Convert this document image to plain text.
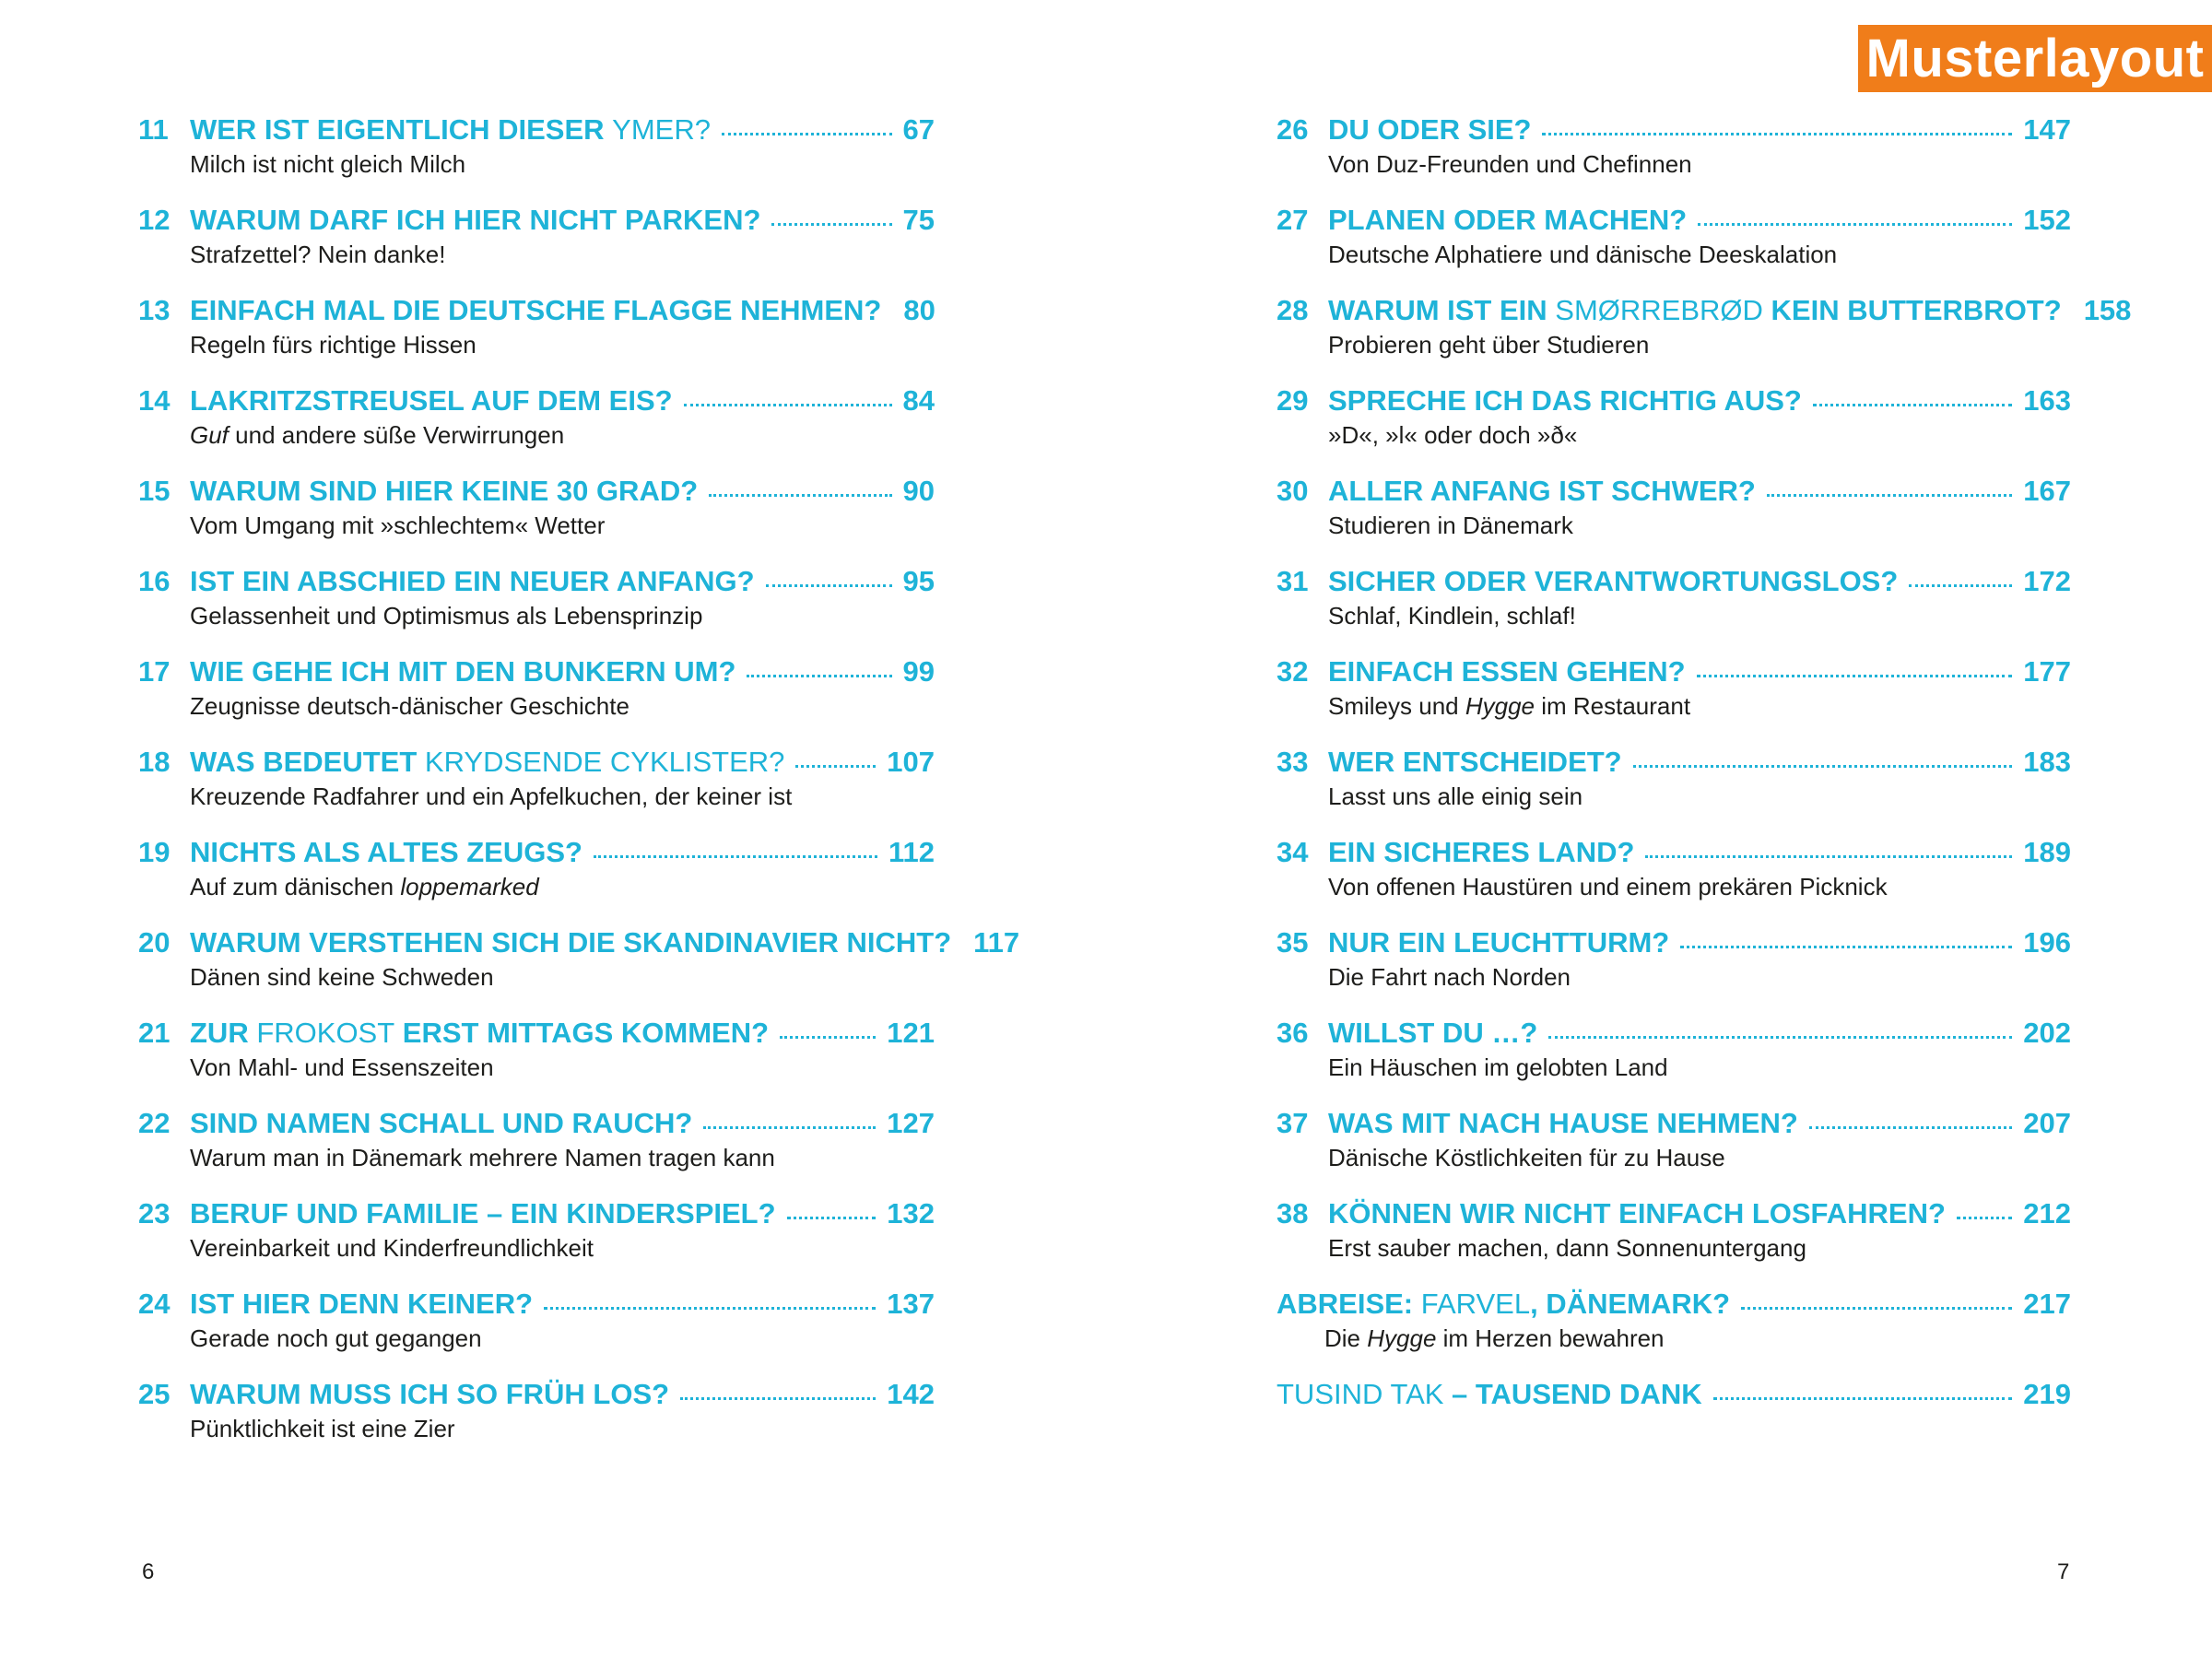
Musterlayout
11 WER IST EIGENTLICH DIESER YMER?	67
Milch ist nicht gleich Milch
12 WARUM DARF ICH HIER NICHT PARKEN?	75
Strafzettel? Nein danke!
13 EINFACH MAL DIE DEUTSCHE FLAGGE NEHMEN? 80
Regeln fürs richtige Hissen
14 LAKRITZSTREUSEL AUF DEM EIS?	84
Guf und andere süße Verwirrungen
15 WARUM SIND HIER KEINE 30 GRAD?	90
Vom Umgang mit »schlechtem« Wetter
16 IST EIN ABSCHIED EIN NEUER ANFANG?	95
Gelassenheit und Optimismus als Lebensprinzip
17 WIE GEHE ICH MIT DEN BUNKERN UM?	99
Zeugnisse deutsch-dänischer Geschichte
18 WAS BEDEUTET KRYDSENDE CYKLISTER?	107
Kreuzende Radfahrer und ein Apfelkuchen, der keiner ist
19 NICHTS ALS ALTES ZEUGS?	112
Auf zum dänischen loppemarked
20 WARUM VERSTEHEN SICH DIE SKANDINAVIER NICHT? 117
Dänen sind keine Schweden
21 ZUR FROKOST ERST MITTAGS KOMMEN?	121
Von Mahl- und Essenszeiten
22 SIND NAMEN SCHALL UND RAUCH?	127
Warum man in Dänemark mehrere Namen tragen kann
23 BERUF UND FAMILIE – EIN KINDERSPIEL?	132
Vereinbarkeit und Kinderfreundlichkeit
24 IST HIER DENN KEINER?	137
Gerade noch gut gegangen
25 WARUM MUSS ICH SO FRÜH LOS?	142
Pünktlichkeit ist eine Zier
26 DU ODER SIE?	147
Von Duz-Freunden und Chefinnen
27 PLANEN ODER MACHEN?	152
Deutsche Alphatiere und dänische Deeskalation
28 WARUM IST EIN SMØRREBRØD KEIN BUTTERBROT? 158
Probieren geht über Studieren
29 SPRECHE ICH DAS RICHTIG AUS?	163
»D«, »l« oder doch »ð«
30 ALLER ANFANG IST SCHWER?	167
Studieren in Dänemark
31 SICHER ODER VERANTWORTUNGSLOS?	172
Schlaf, Kindlein, schlaf!
32 EINFACH ESSEN GEHEN?	177
Smileys und Hygge im Restaurant
33 WER ENTSCHEIDET?	183
Lasst uns alle einig sein
34 EIN SICHERES LAND?	189
Von offenen Haustüren und einem prekären Picknick
35 NUR EIN LEUCHTTURM?	196
Die Fahrt nach Norden
36 WILLST DU …?	202
Ein Häuschen im gelobten Land
37 WAS MIT NACH HAUSE NEHMEN?	207
Dänische Köstlichkeiten für zu Hause
38 KÖNNEN WIR NICHT EINFACH LOSFAHREN?	212
Erst sauber machen, dann Sonnenuntergang
ABREISE: FARVEL, DÄNEMARK?	217
Die Hygge im Herzen bewahren
TUSIND TAK – TAUSEND DANK	219
6	7
